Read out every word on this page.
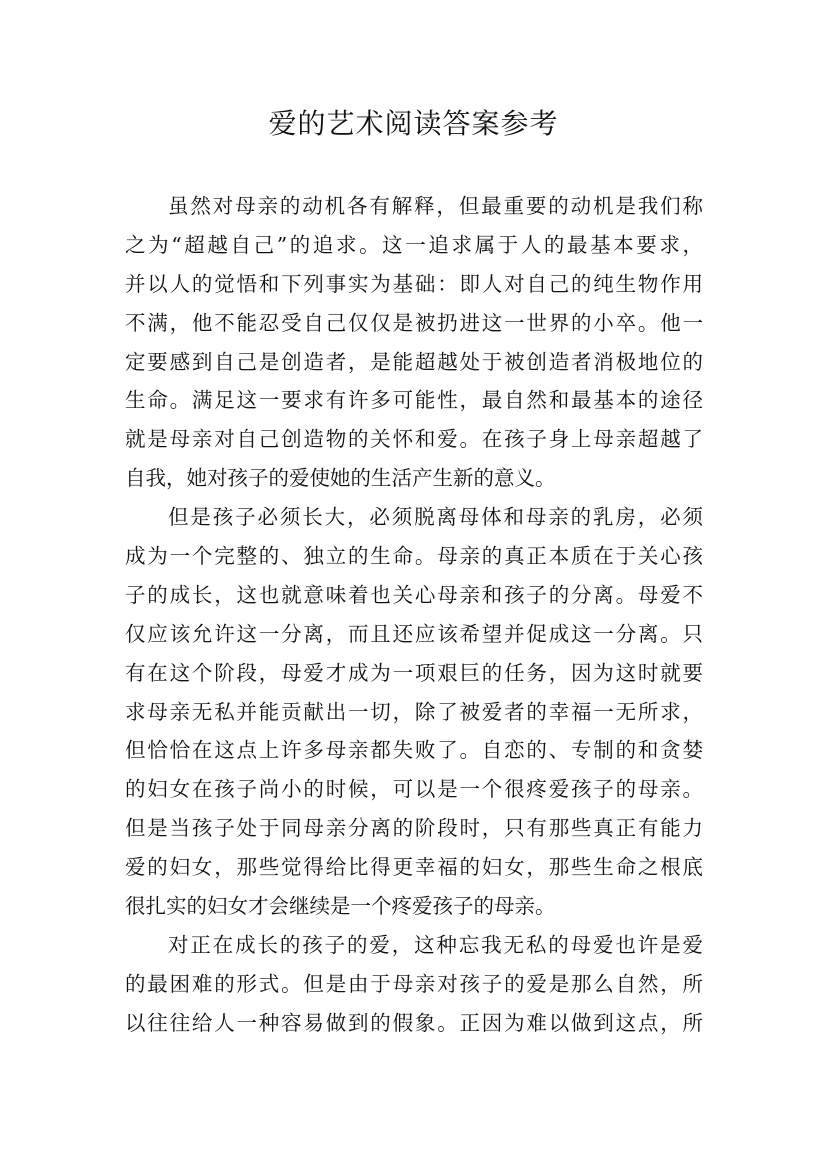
爱的艺术阅读答案参考
虽然对母亲的动机各有解释，但最重要的动机是我们称
之为“超越自己”的追求。这一追求属于人的最基本要求，
并以人的觉悟和下列事实为基础：即人对自己的纯生物作用
不满，他不能忍受自己仅仅是被扔进这一世界的小卒。他一
定要感到自己是创造者，是能超越处于被创造者消极地位的
生命。满足这一要求有许多可能性，最自然和最基本的途径
就是母亲对自己创造物的关怀和爱。在孩子身上母亲超越了
自我，她对孩子的爱使她的生活产生新的意义。
但是孩子必须长大，必须脱离母体和母亲的乳房，必须
成为一个完整的、独立的生命。母亲的真正本质在于关心孩
子的成长，这也就意味着也关心母亲和孩子的分离。母爱不
仅应该允许这一分离，而且还应该希望并促成这一分离。只
有在这个阶段，母爱才成为一项艰巨的任务，因为这时就要
求母亲无私并能贡献出一切，除了被爱者的幸福一无所求，
但恰恰在这点上许多母亲都失败了。自恋的、专制的和贪婪
的妇女在孩子尚小的时候，可以是一个很疼爱孩子的母亲。
但是当孩子处于同母亲分离的阶段时，只有那些真正有能力
爱的妇女，那些觉得给比得更幸福的妇女，那些生命之根底
很扎实的妇女才会继续是一个疼爱孩子的母亲。
对正在成长的孩子的爱，这种忘我无私的母爱也许是爱
的最困难的形式。但是由于母亲对孩子的爱是那么自然，所
以往往给人一种容易做到的假象。正因为难以做到这点，所
